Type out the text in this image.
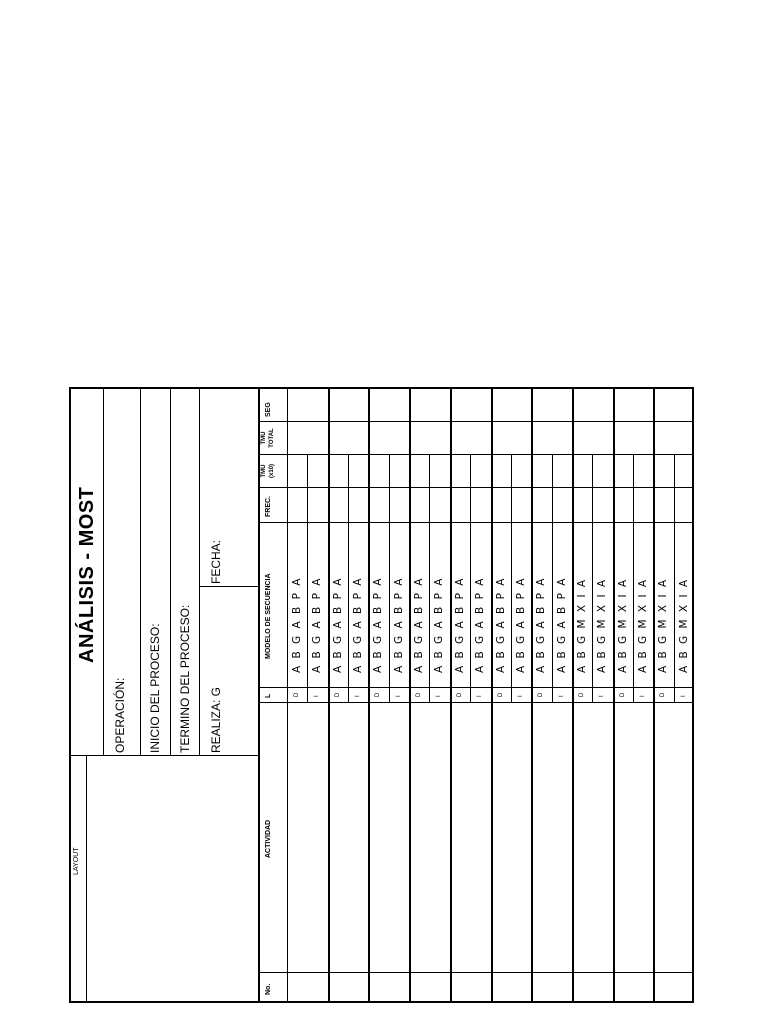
LAYOUT
ANÁLISIS - MOST
OPERACIÓN: INICIO DEL PROCESO: TERMINO DEL PROCESO: REALIZA: G
FECHA:
No.
ACTIVIDAD
L
MODELO DE SECUENCIA
FREC.
TMU (x10)
TMU TOTAL
SEG
D
A B G A B P A
I
A B G A B P A
D
A B G A B P A
I
A B G A B P A
D
A B G A B P A
I
A B G A B P A
D
A B G A B P A
I
A B G A B P A
D
A B G A B P A
I
A B G A B P A
D
A B G A B P A
I
A B G A B P A
D
A B G A B P A
I
A B G A B P A
D
A B G M X I A
I
A B G M X I A
D
A B G M X I A
I
A B G M X I A
D
A B G M X I A
I
A B G M X I A
